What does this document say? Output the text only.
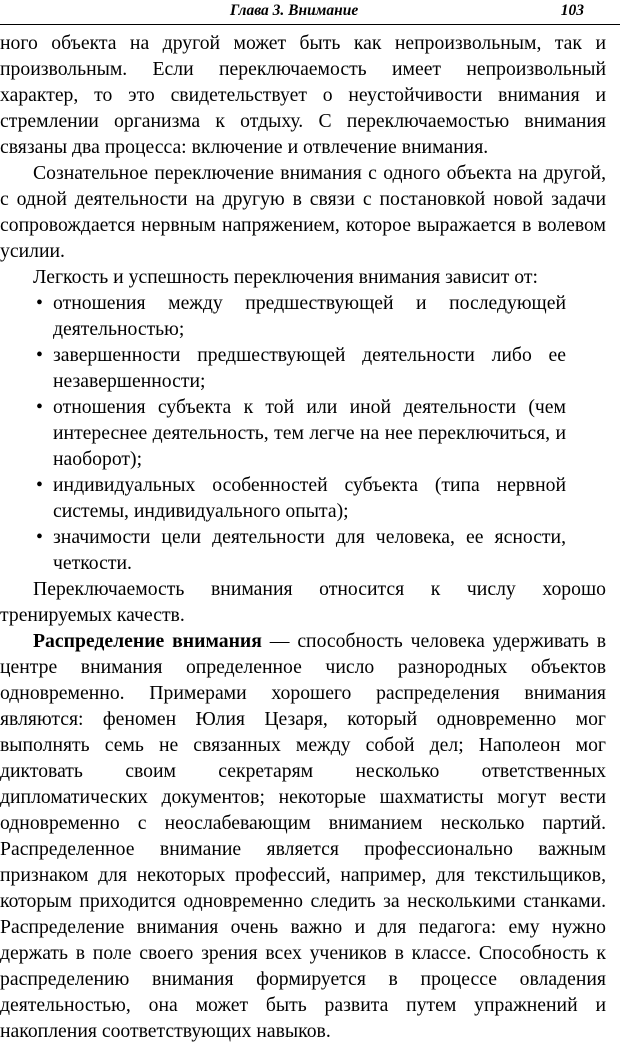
Глава 3. Внимание	103

ного объекта на другой может быть как непроизвольным, так и произвольным. Если переключаемость имеет непроизвольный характер, то это свидетельствует о неустойчивости внимания и стремлении организма к отдыху. С переключаемостью внимания связаны два процесса: включение и отвлечение внимания.

Сознательное переключение внимания с одного объекта на другой, с одной деятельности на другую в связи с постановкой новой задачи сопровождается нервным напряжением, которое выражается в волевом усилии.

Легкость и успешность переключения внимания зависит от:

• отношения между предшествующей и последующей деятельностью;
• завершенности предшествующей деятельности либо ее незавершенности;
• отношения субъекта к той или иной деятельности (чем интереснее деятельность, тем легче на нее переключиться, и наоборот);
• индивидуальных особенностей субъекта (типа нервной системы, индивидуального опыта);
• значимости цели деятельности для человека, ее ясности, четкости.

Переключаемость внимания относится к числу хорошо тренируемых качеств.

Распределение внимания — способность человека удерживать в центре внимания определенное число разнородных объектов одновременно. Примерами хорошего распределения внимания являются: феномен Юлия Цезаря, который одновременно мог выполнять семь не связанных между собой дел; Наполеон мог диктовать своим секретарям несколько ответственных дипломатических документов; некоторые шахматисты могут вести одновременно с неослабевающим вниманием несколько партий. Распределенное внимание является профессионально важным признаком для некоторых профессий, например, для текстильщиков, которым приходится одновременно следить за несколькими станками. Распределение внимания очень важно и для педагога: ему нужно держать в поле своего зрения всех учеников в классе. Способность к распределению внимания формируется в процессе овладения деятельностью, она может быть развита путем упражнений и накопления соответствующих навыков.
